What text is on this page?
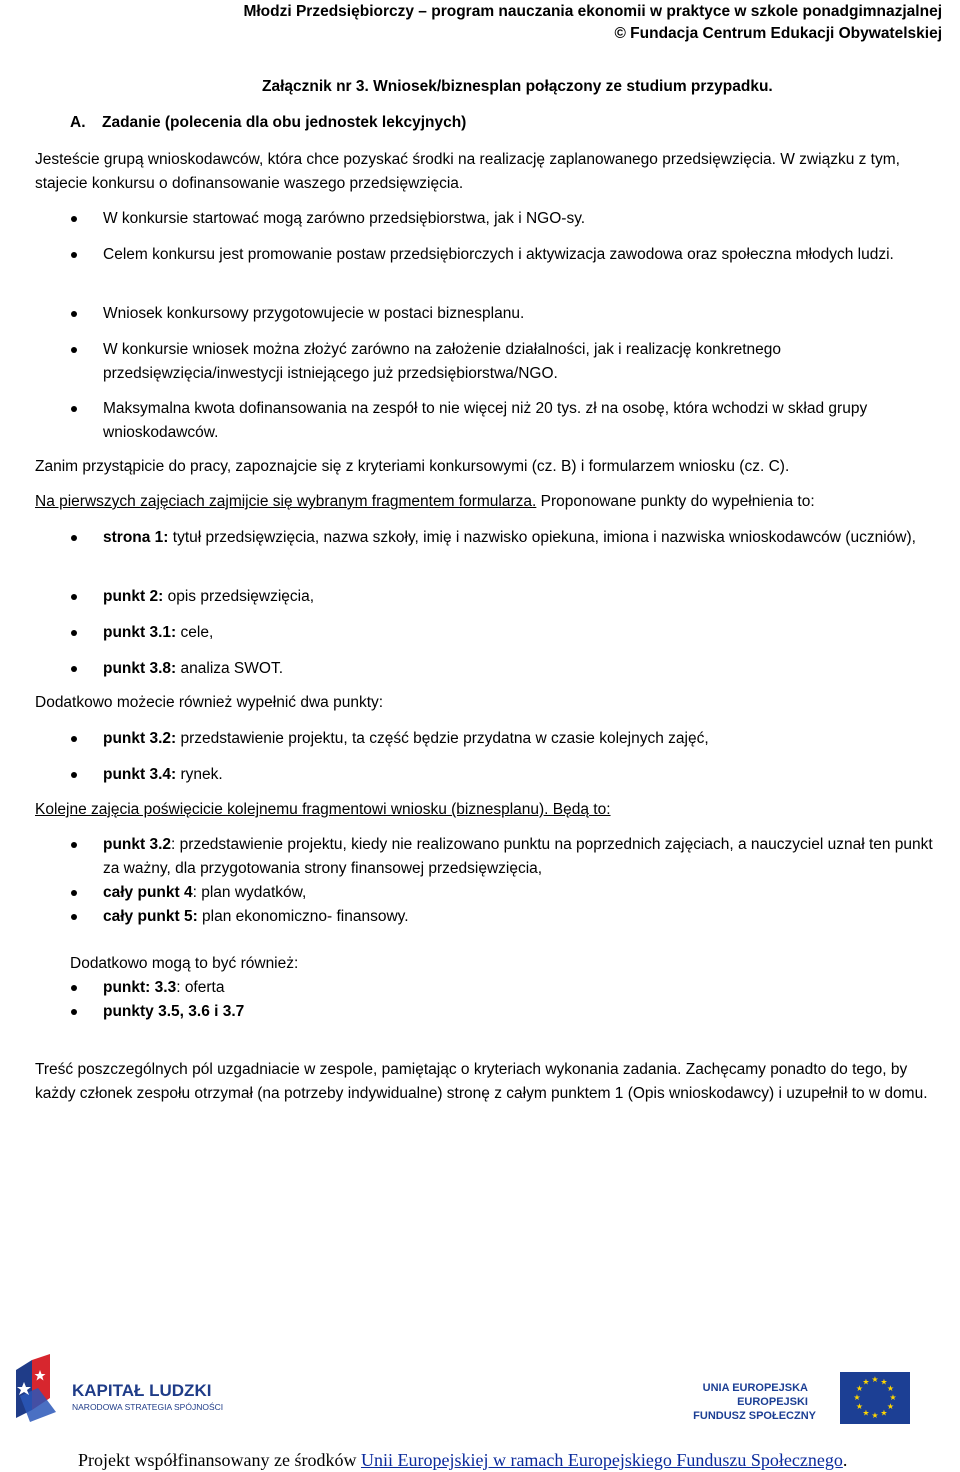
Młodzi Przedsiębiorczy – program nauczania ekonomii w praktyce w szkole ponadgimnazjalnej
© Fundacja Centrum Edukacji Obywatelskiej
Załącznik nr 3. Wniosek/biznesplan połączony ze studium przypadku.
A. Zadanie (polecenia dla obu jednostek lekcyjnych)
Jesteście grupą wnioskodawców, która chce pozyskać środki na realizację zaplanowanego przedsięwzięcia. W związku z tym, stajecie konkursu o dofinansowanie waszego przedsięwzięcia.
W konkursie startować mogą zarówno przedsiębiorstwa, jak i NGO-sy.
Celem konkursu jest promowanie postaw przedsiębiorczych i aktywizacja zawodowa oraz społeczna młodych ludzi.
Wniosek konkursowy przygotowujecie w postaci biznesplanu.
W konkursie wniosek można złożyć zarówno na założenie działalności, jak i realizację konkretnego przedsięwzięcia/inwestycji istniejącego już przedsiębiorstwa/NGO.
Maksymalna kwota dofinansowania na zespół to nie więcej niż 20 tys. zł na osobę, która wchodzi w skład grupy wnioskodawców.
Zanim przystąpicie do pracy, zapoznajcie się z kryteriami konkursowymi (cz. B) i formularzem wniosku (cz. C).
Na pierwszych zajęciach zajmijcie się wybranym fragmentem formularza. Proponowane punkty do wypełnienia to:
strona 1: tytuł przedsięwzięcia, nazwa szkoły, imię i nazwisko opiekuna, imiona i nazwiska wnioskodawców (uczniów),
punkt 2: opis przedsięwzięcia,
punkt 3.1: cele,
punkt 3.8: analiza SWOT.
Dodatkowo możecie również wypełnić dwa punkty:
punkt 3.2: przedstawienie projektu, ta część będzie przydatna w czasie kolejnych zajęć,
punkt 3.4: rynek.
Kolejne zajęcia poświęcicie kolejnemu fragmentowi wniosku (biznesplanu). Będą to:
punkt 3.2: przedstawienie projektu, kiedy nie realizowano punktu na poprzednich zajęciach, a nauczyciel uznał ten punkt za ważny, dla przygotowania strony finansowej przedsięwzięcia,
cały punkt 4: plan wydatków,
cały punkt 5: plan ekonomiczno- finansowy.
Dodatkowo mogą to być również:
punkt: 3.3: oferta
punkty 3.5, 3.6 i 3.7
Treść poszczególnych pól uzgadniacie w zespole, pamiętając o kryteriach wykonania zadania. Zachęcamy ponadto do tego, by każdy członek zespołu otrzymał (na potrzeby indywidualne) stronę z całym punktem 1 (Opis wnioskodawcy) i uzupełnił to w domu.
KAPITAŁ LUDZKI
NARODOWA STRATEGIA SPÓJNOŚCI
UNIA EUROPEJSKA
EUROPEJSKI
FUNDUSZ SPOŁECZNY
★ ★
★
★
★
★
★
★
★
★
★
★
Projekt współfinansowany ze środków Unii Europejskiej w ramach Europejskiego Funduszu Społecznego.
